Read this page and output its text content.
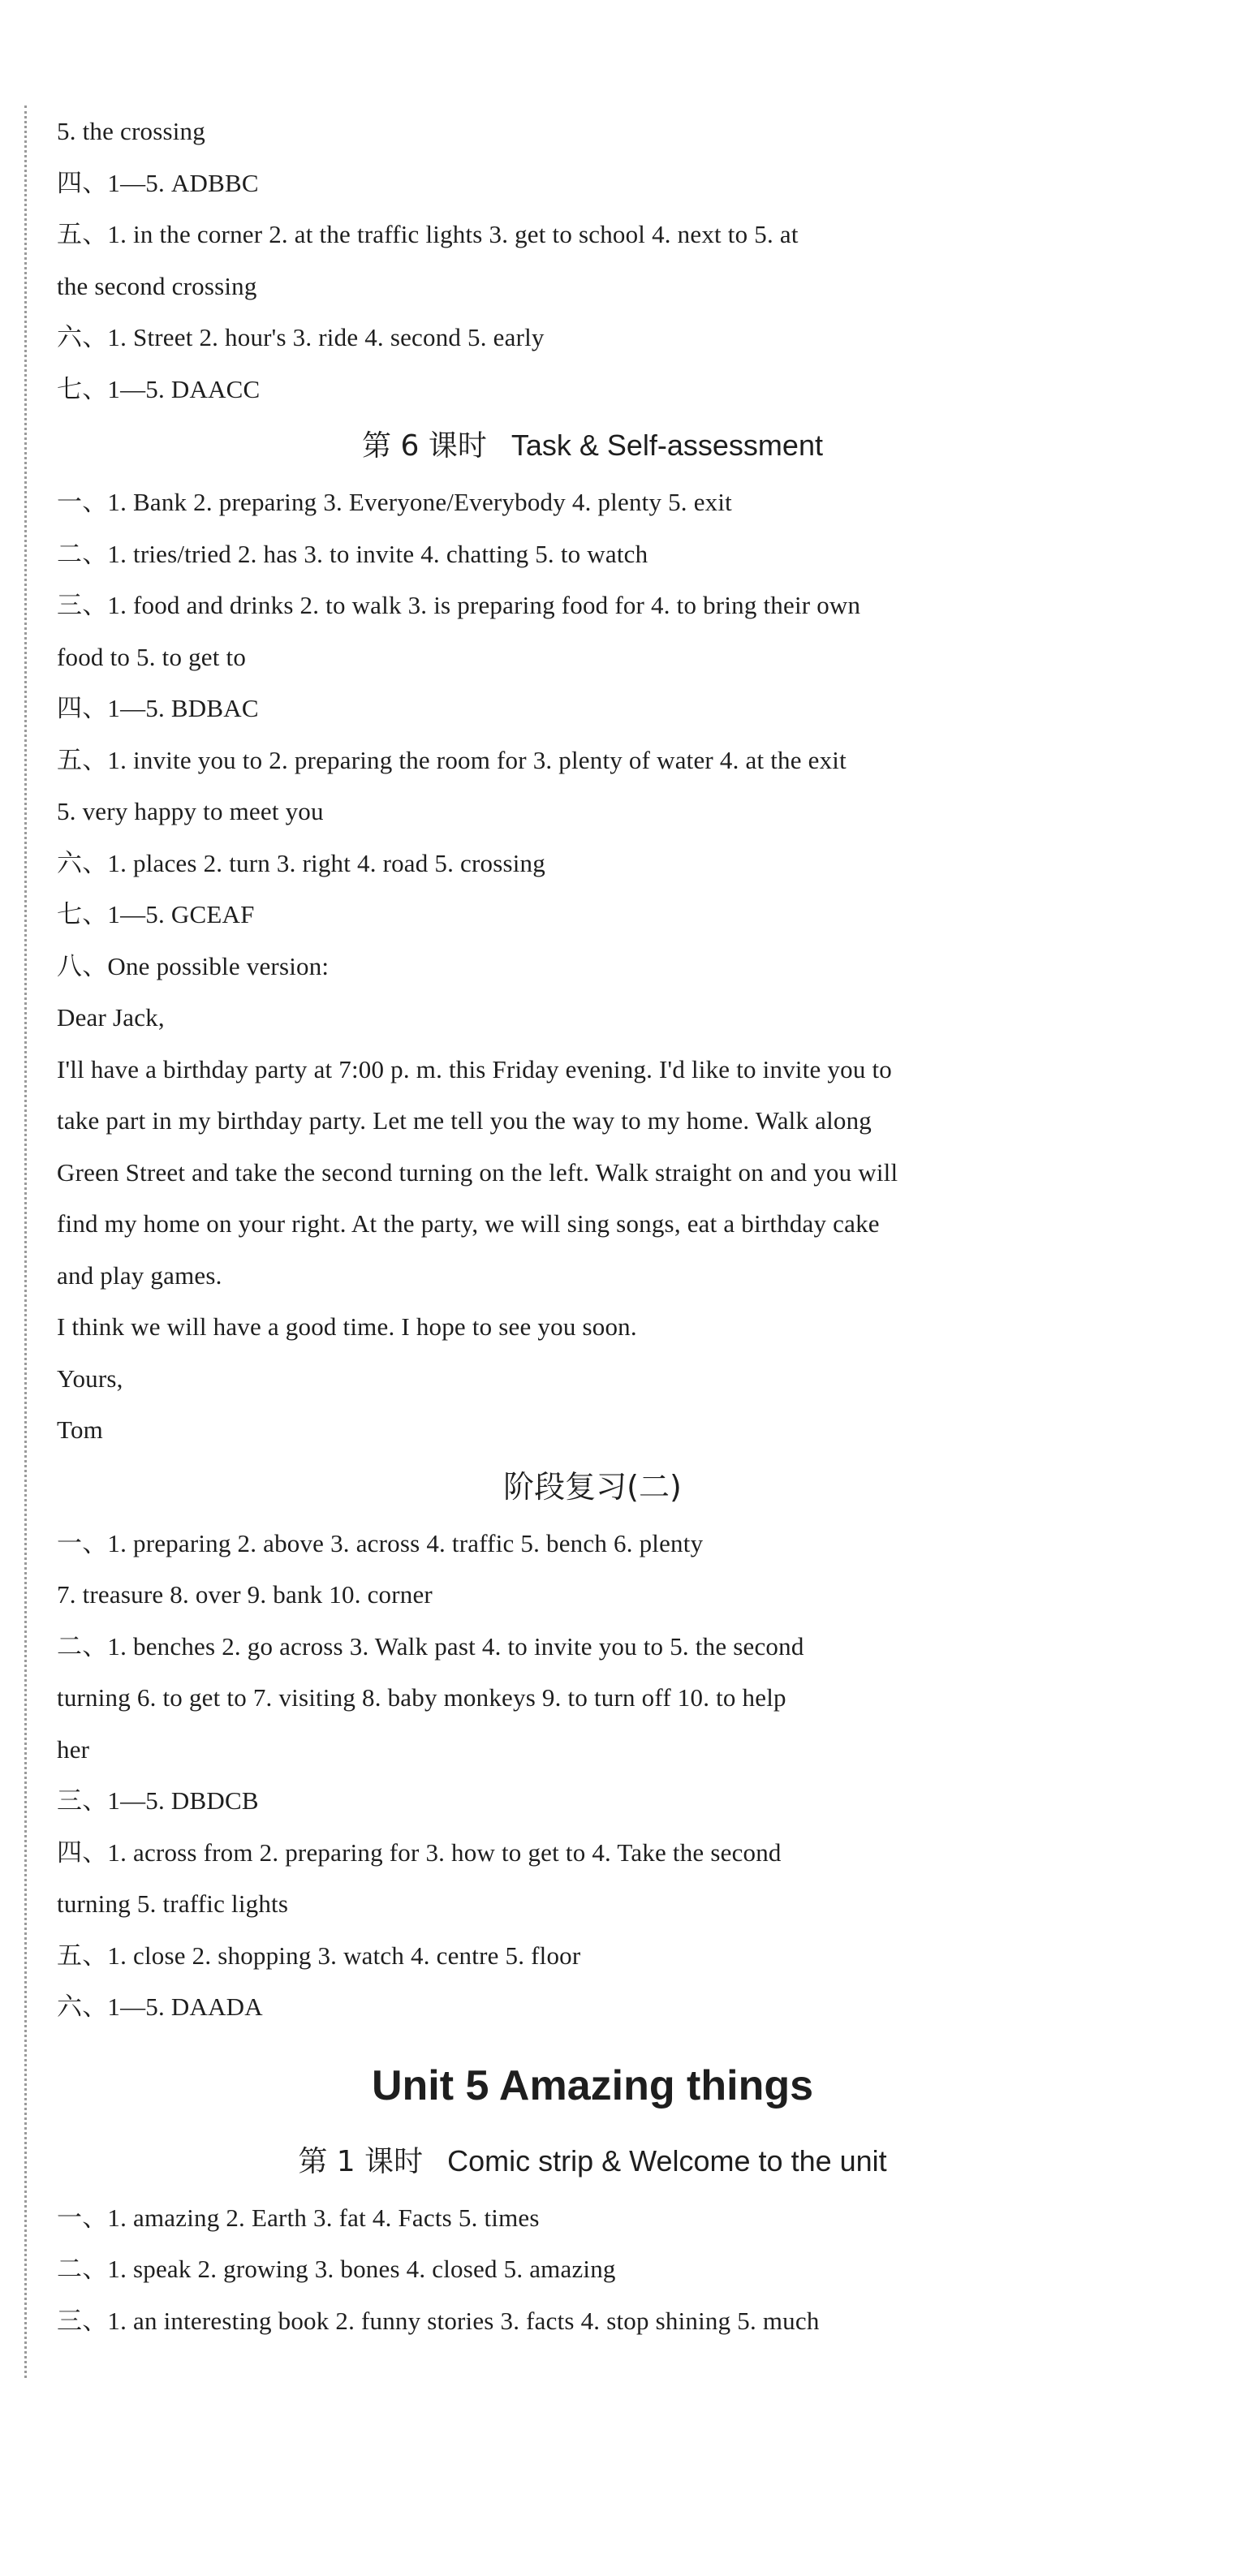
5. the crossing
四、1—5. ADBBC
五、1. in the corner 2. at the traffic lights 3. get to school 4. next to 5. at
the second crossing
六、1. Street 2. hour's 3. ride 4. second 5. early
七、1—5. DAACC
第 6 课时 Task & Self-assessment
一、1. Bank 2. preparing 3. Everyone/Everybody 4. plenty 5. exit
二、1. tries/tried 2. has 3. to invite 4. chatting 5. to watch
三、1. food and drinks 2. to walk 3. is preparing food for 4. to bring their own
food to 5. to get to
四、1—5. BDBAC
五、1. invite you to 2. preparing the room for 3. plenty of water 4. at the exit
5. very happy to meet you
六、1. places 2. turn 3. right 4. road 5. crossing
七、1—5. GCEAF
八、One possible version:
Dear Jack,
I'll have a birthday party at 7:00 p. m. this Friday evening. I'd like to invite you to
take part in my birthday party. Let me tell you the way to my home. Walk along
Green Street and take the second turning on the left. Walk straight on and you will
find my home on your right. At the party, we will sing songs, eat a birthday cake
and play games.
I think we will have a good time. I hope to see you soon.
Yours,
Tom
阶段复习(二)
一、1. preparing 2. above 3. across 4. traffic 5. bench 6. plenty
7. treasure 8. over 9. bank 10. corner
二、1. benches 2. go across 3. Walk past 4. to invite you to 5. the second
turning 6. to get to 7. visiting 8. baby monkeys 9. to turn off 10. to help
her
三、1—5. DBDCB
四、1. across from 2. preparing for 3. how to get to 4. Take the second
turning 5. traffic lights
五、1. close 2. shopping 3. watch 4. centre 5. floor
六、1—5. DAADA
Unit 5 Amazing things
第 1 课时 Comic strip & Welcome to the unit
一、1. amazing 2. Earth 3. fat 4. Facts 5. times
二、1. speak 2. growing 3. bones 4. closed 5. amazing
三、1. an interesting book 2. funny stories 3. facts 4. stop shining 5. much
